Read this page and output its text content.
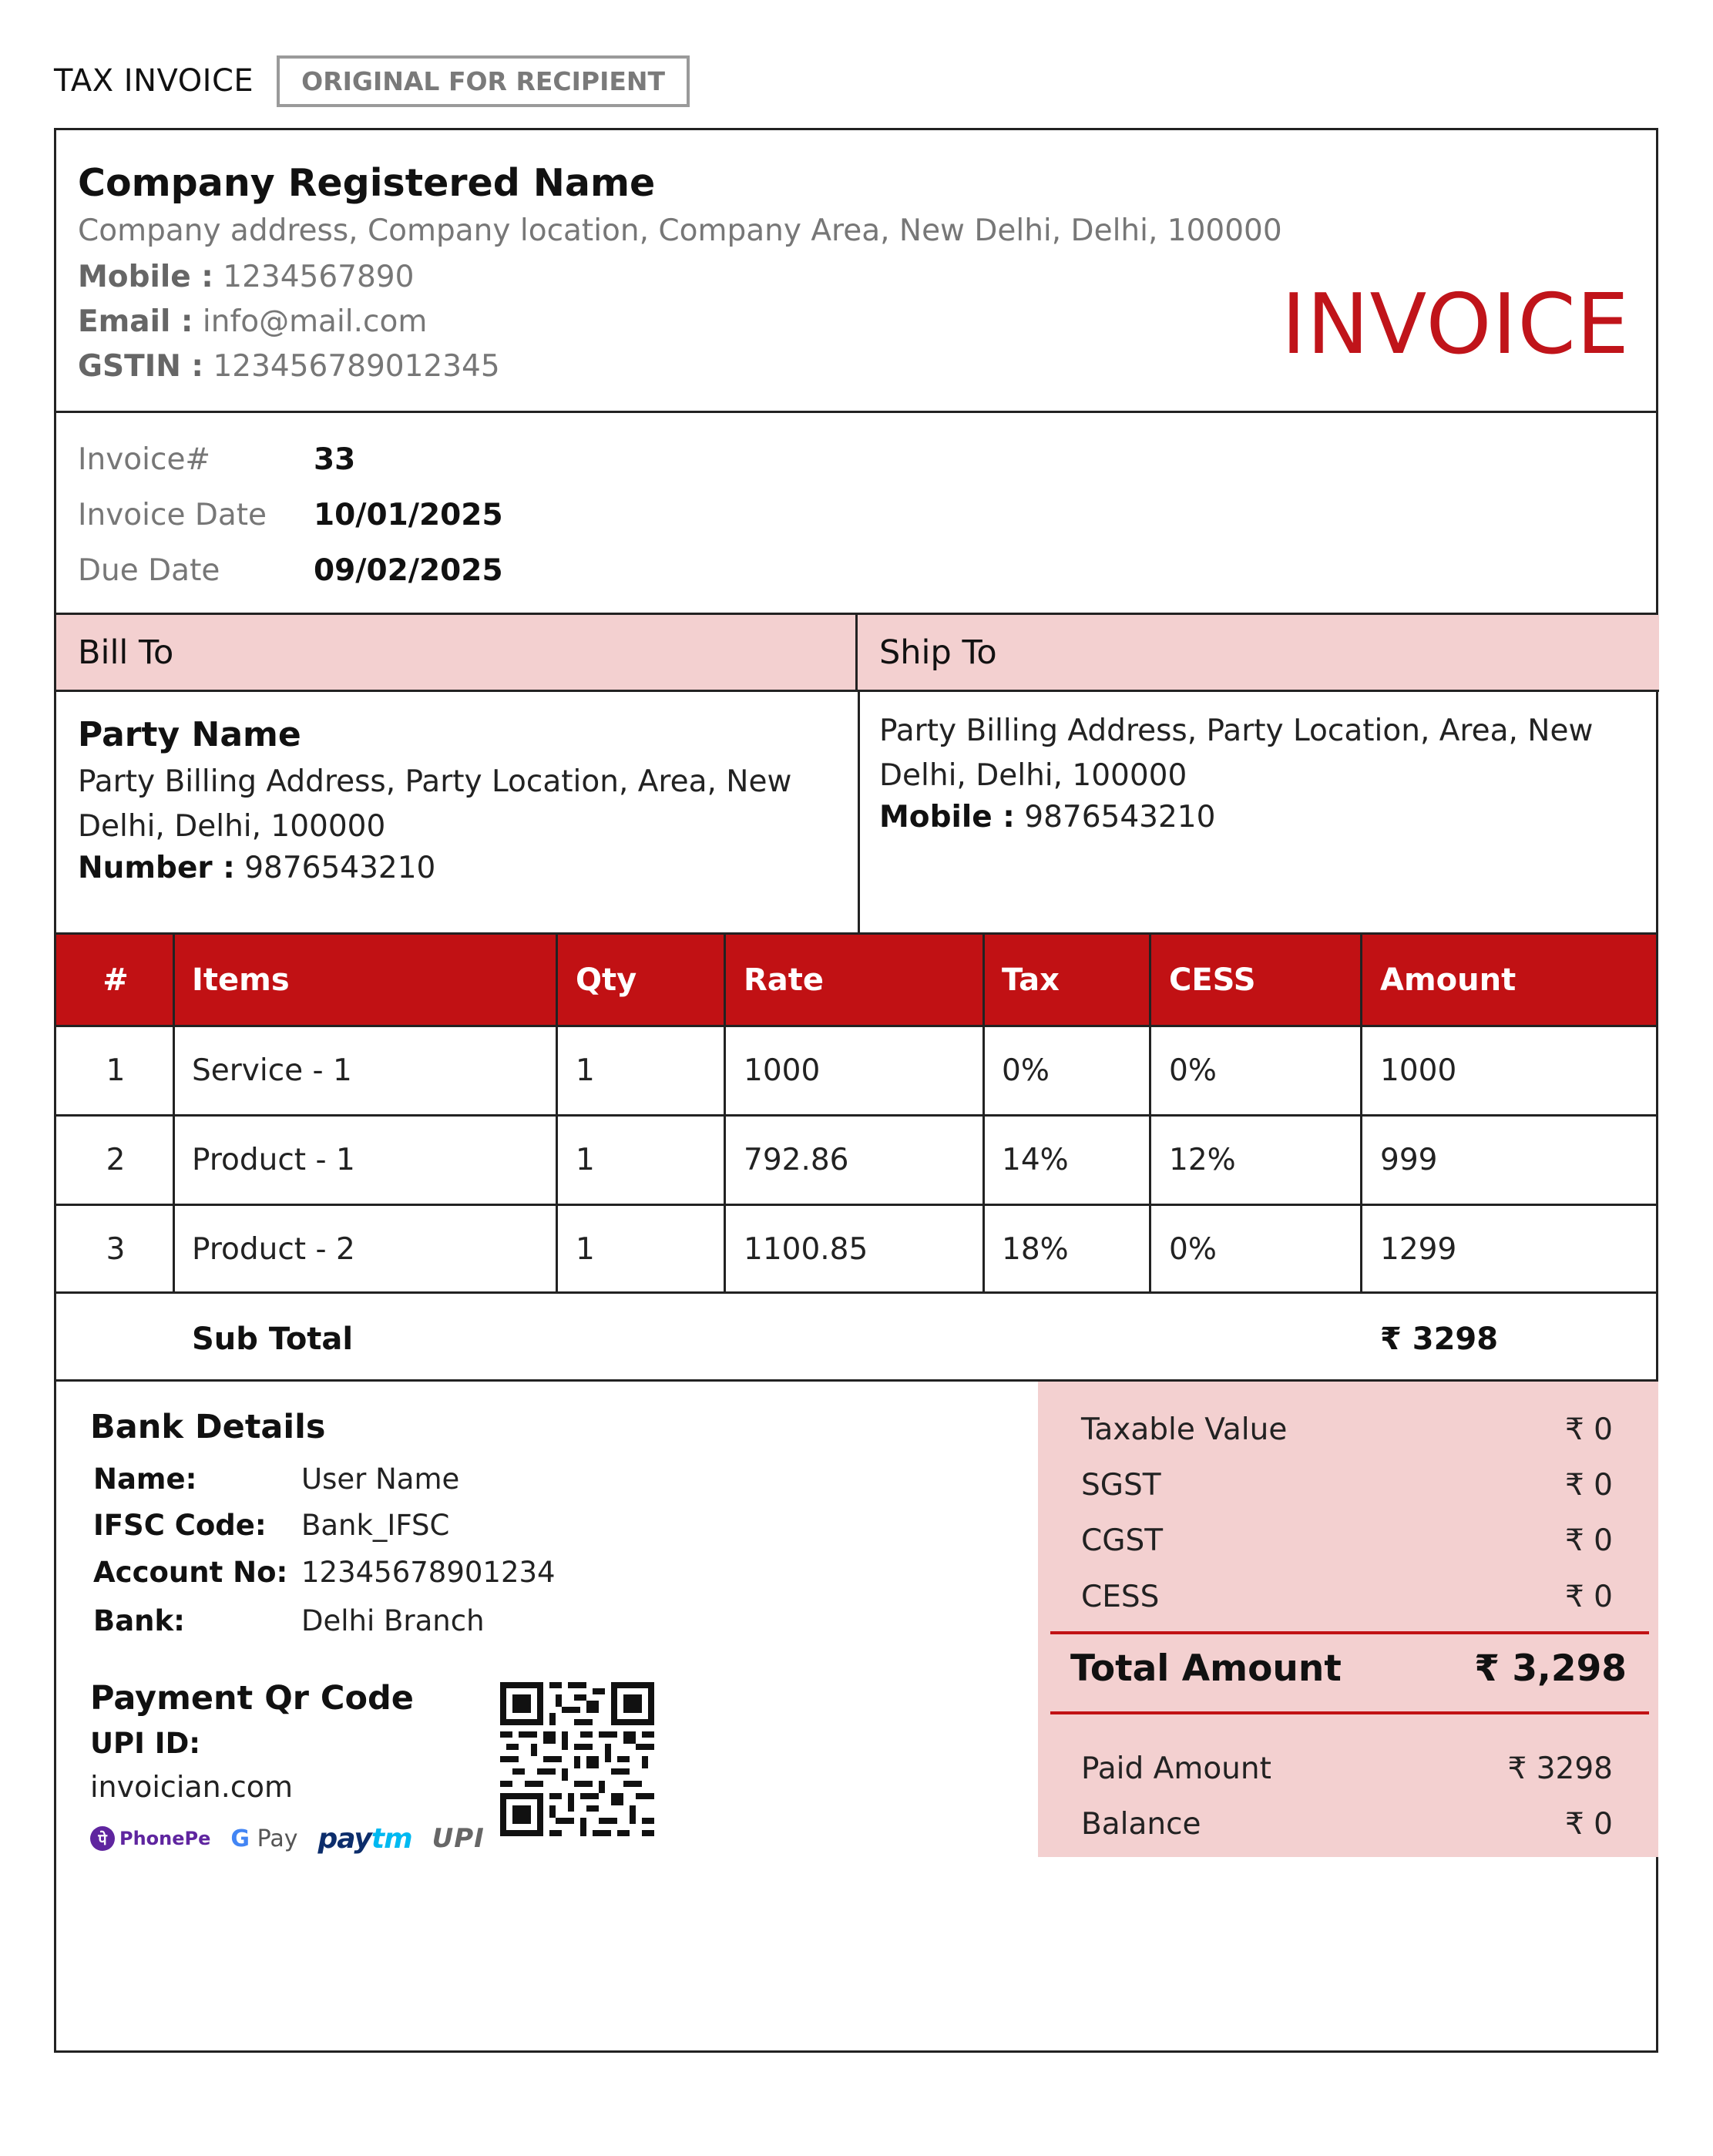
TAX INVOICE	ORIGINAL FOR RECIPIENT
Company Registered Name
Company address, Company location, Company Area, New Delhi, Delhi, 100000
Mobile : 1234567890
Email : info@mail.com
GSTIN : 123456789012345	INVOICE
Invoice#	33
Invoice Date	10/01/2025
Due Date	09/02/2025
Bill To	Ship To
Party Name
Party Billing Address, Party Location, Area, New Delhi, Delhi, 100000
Number : 9876543210
Party Billing Address, Party Location, Area, New Delhi, Delhi, 100000
Mobile : 9876543210
#	Items	Qty	Rate	Tax	CESS	Amount
1	Service - 1	1	1000	0%	0%	1000
2	Product - 1	1	792.86	14%	12%	999
3	Product - 2	1	1100.85	18%	0%	1299
Sub Total	₹ 3298
Bank Details
Name:	User Name
IFSC Code:	Bank_IFSC
Account No: 12345678901234
Bank:	Delhi Branch
Payment Qr Code
UPI ID:
invoician.com
पे PhonePe G Pay paytm UPI
Taxable Value	₹ 0
SGST	₹ 0
CGST	₹ 0
CESS	₹ 0
Total Amount	₹ 3,298
Paid Amount	₹ 3298
Balance	₹ 0
